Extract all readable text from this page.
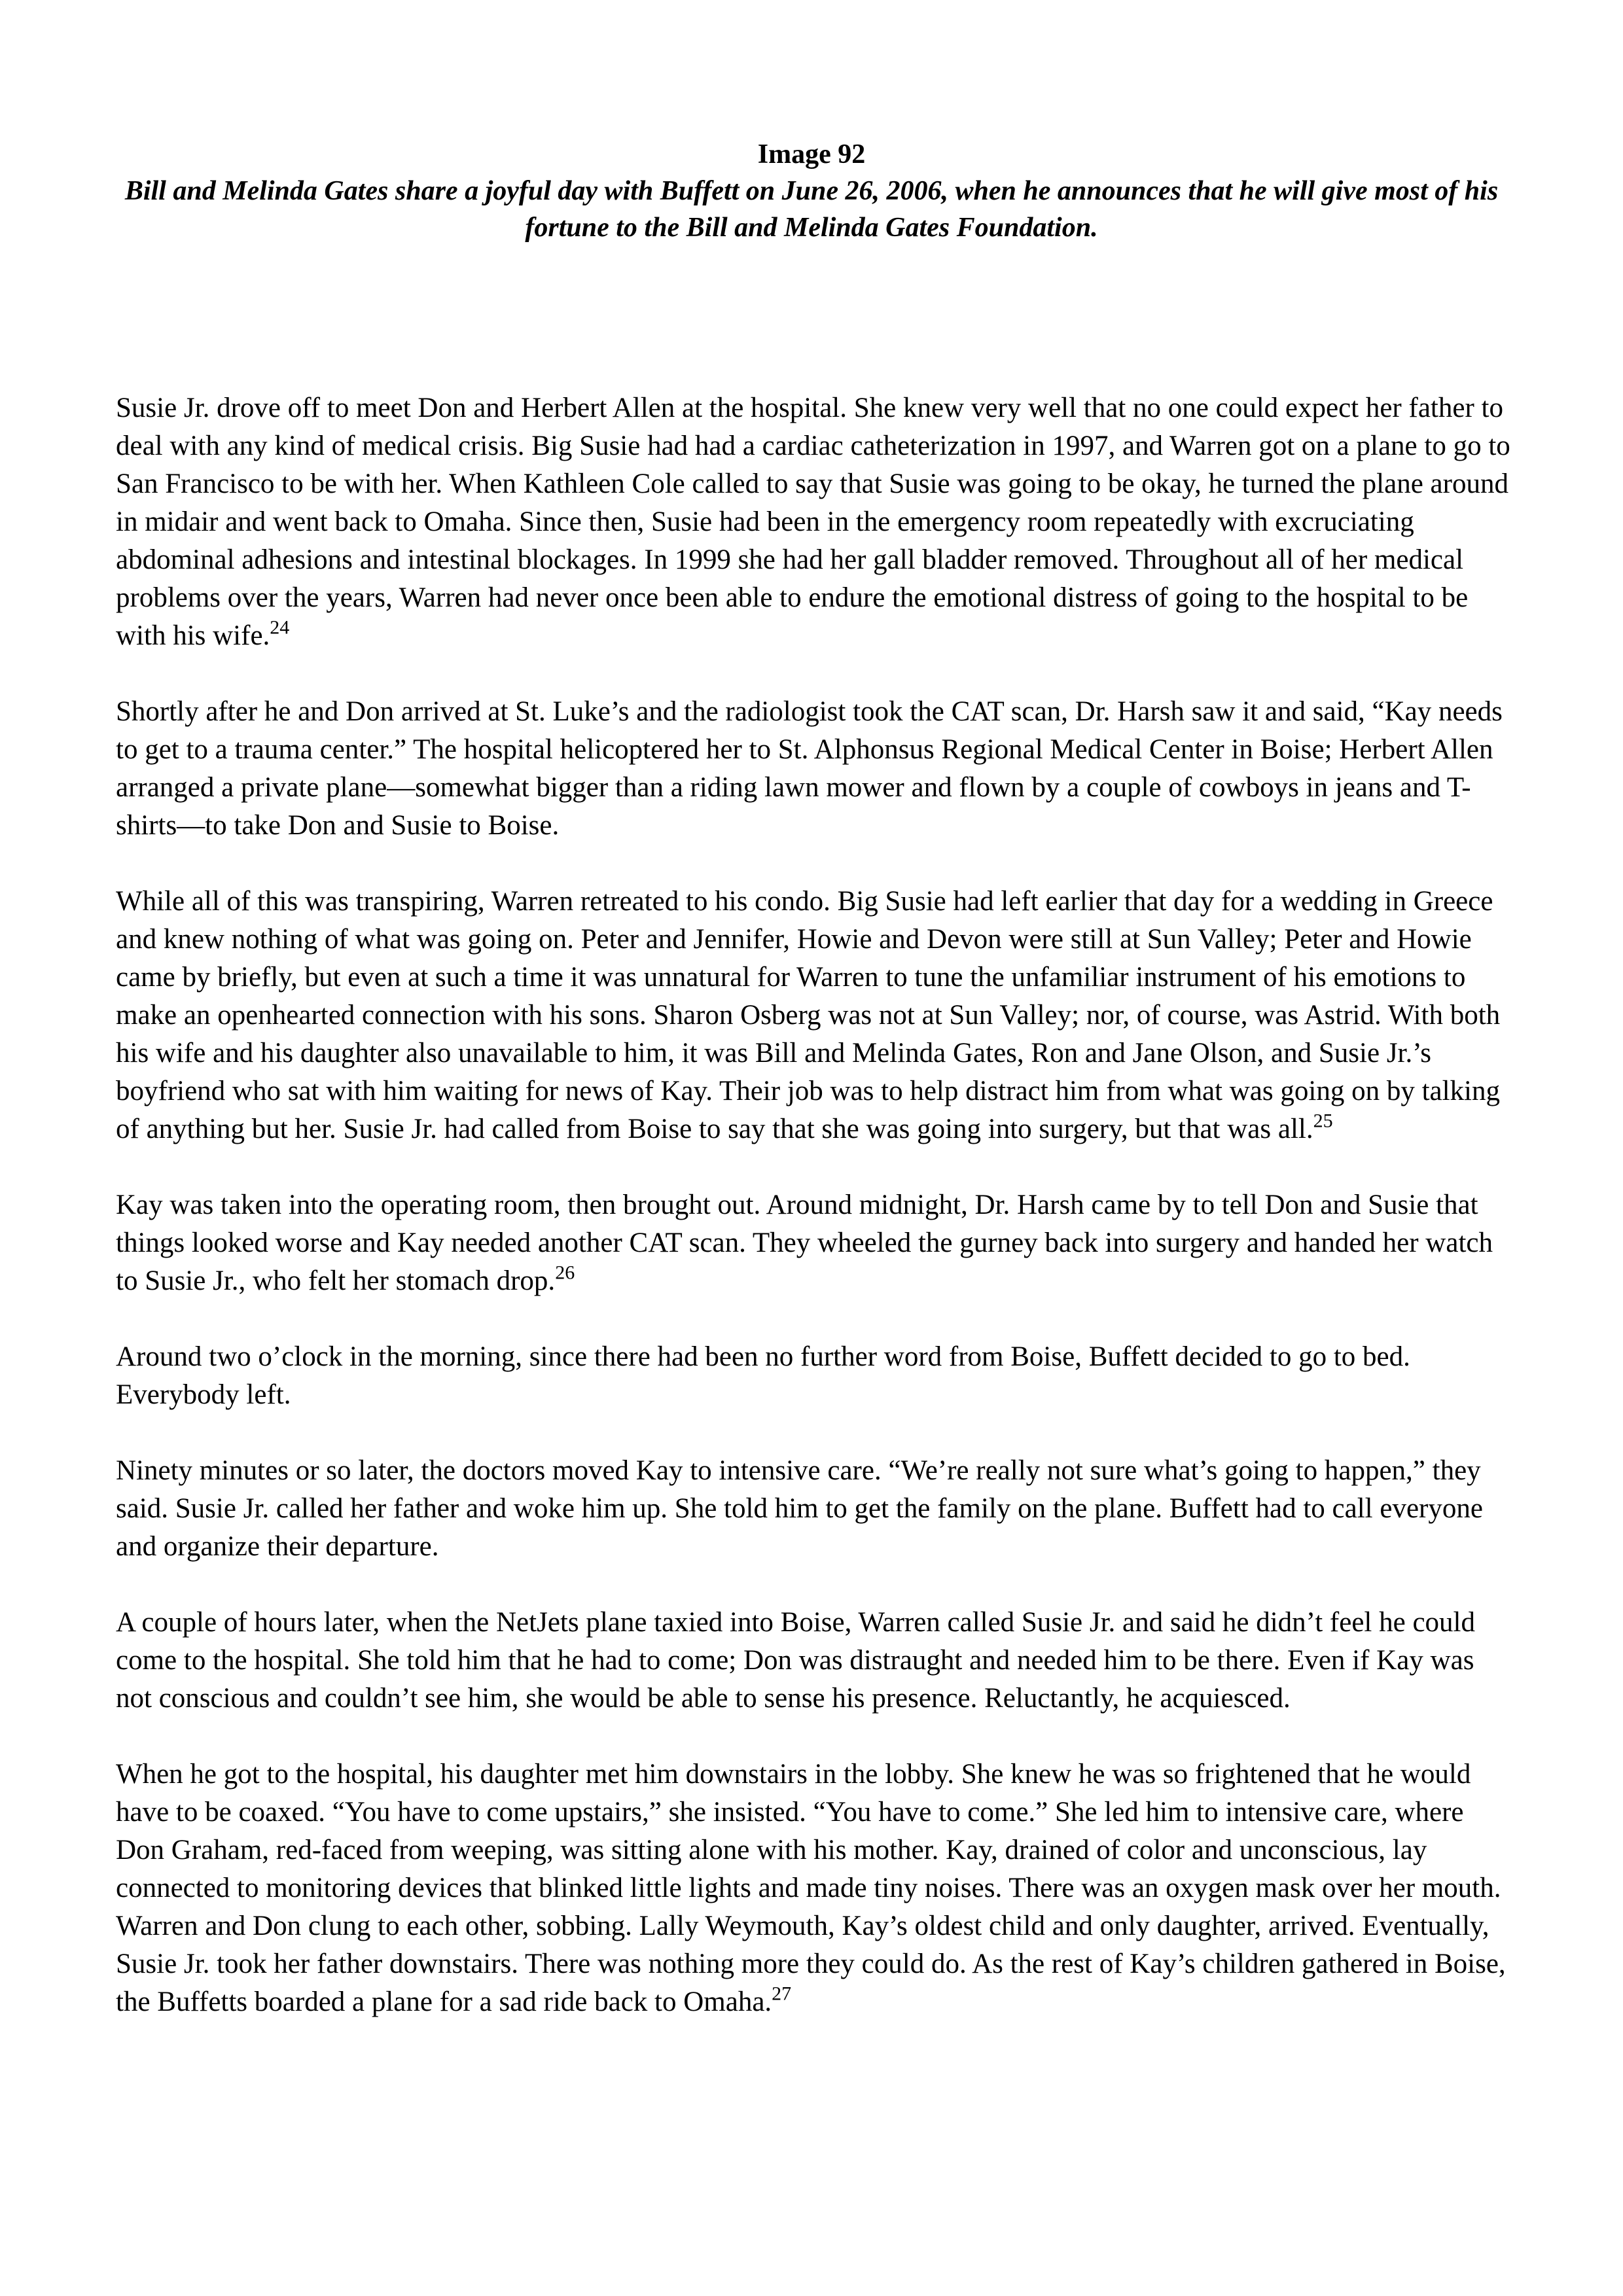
Image 92
Bill and Melinda Gates share a joyful day with Buffett on June 26, 2006, when he announces that he will give most of his fortune to the Bill and Melinda Gates Foundation.

Susie Jr. drove off to meet Don and Herbert Allen at the hospital. She knew very well that no one could expect her father to deal with any kind of medical crisis. Big Susie had had a cardiac catheterization in 1997, and Warren got on a plane to go to San Francisco to be with her. When Kathleen Cole called to say that Susie was going to be okay, he turned the plane around in midair and went back to Omaha. Since then, Susie had been in the emergency room repeatedly with excruciating abdominal adhesions and intestinal blockages. In 1999 she had her gall bladder removed. Throughout all of her medical problems over the years, Warren had never once been able to endure the emotional distress of going to the hospital to be with his wife.$^{24}$

Shortly after he and Don arrived at St. Luke’s and the radiologist took the CAT scan, Dr. Harsh saw it and said, “Kay needs to get to a trauma center.” The hospital helicoptered her to St. Alphonsus Regional Medical Center in Boise; Herbert Allen arranged a private plane—somewhat bigger than a riding lawn mower and flown by a couple of cowboys in jeans and T-shirts—to take Don and Susie to Boise.

While all of this was transpiring, Warren retreated to his condo. Big Susie had left earlier that day for a wedding in Greece and knew nothing of what was going on. Peter and Jennifer, Howie and Devon were still at Sun Valley; Peter and Howie came by briefly, but even at such a time it was unnatural for Warren to tune the unfamiliar instrument of his emotions to make an openhearted connection with his sons. Sharon Osberg was not at Sun Valley; nor, of course, was Astrid. With both his wife and his daughter also unavailable to him, it was Bill and Melinda Gates, Ron and Jane Olson, and Susie Jr.’s boyfriend who sat with him waiting for news of Kay. Their job was to help distract him from what was going on by talking of anything but her. Susie Jr. had called from Boise to say that she was going into surgery, but that was all.$^{25}$

Kay was taken into the operating room, then brought out. Around midnight, Dr. Harsh came by to tell Don and Susie that things looked worse and Kay needed another CAT scan. They wheeled the gurney back into surgery and handed her watch to Susie Jr., who felt her stomach drop.$^{26}$

Around two o’clock in the morning, since there had been no further word from Boise, Buffett decided to go to bed. Everybody left.

Ninety minutes or so later, the doctors moved Kay to intensive care. “We’re really not sure what’s going to happen,” they said. Susie Jr. called her father and woke him up. She told him to get the family on the plane. Buffett had to call everyone and organize their departure.

A couple of hours later, when the NetJets plane taxied into Boise, Warren called Susie Jr. and said he didn’t feel he could come to the hospital. She told him that he had to come; Don was distraught and needed him to be there. Even if Kay was not conscious and couldn’t see him, she would be able to sense his presence. Reluctantly, he acquiesced.

When he got to the hospital, his daughter met him downstairs in the lobby. She knew he was so frightened that he would have to be coaxed. “You have to come upstairs,” she insisted. “You have to come.” She led him to intensive care, where Don Graham, red-faced from weeping, was sitting alone with his mother. Kay, drained of color and unconscious, lay connected to monitoring devices that blinked little lights and made tiny noises. There was an oxygen mask over her mouth. Warren and Don clung to each other, sobbing. Lally Weymouth, Kay’s oldest child and only daughter, arrived. Eventually, Susie Jr. took her father downstairs. There was nothing more they could do. As the rest of Kay’s children gathered in Boise, the Buffetts boarded a plane for a sad ride back to Omaha.$^{27}$
